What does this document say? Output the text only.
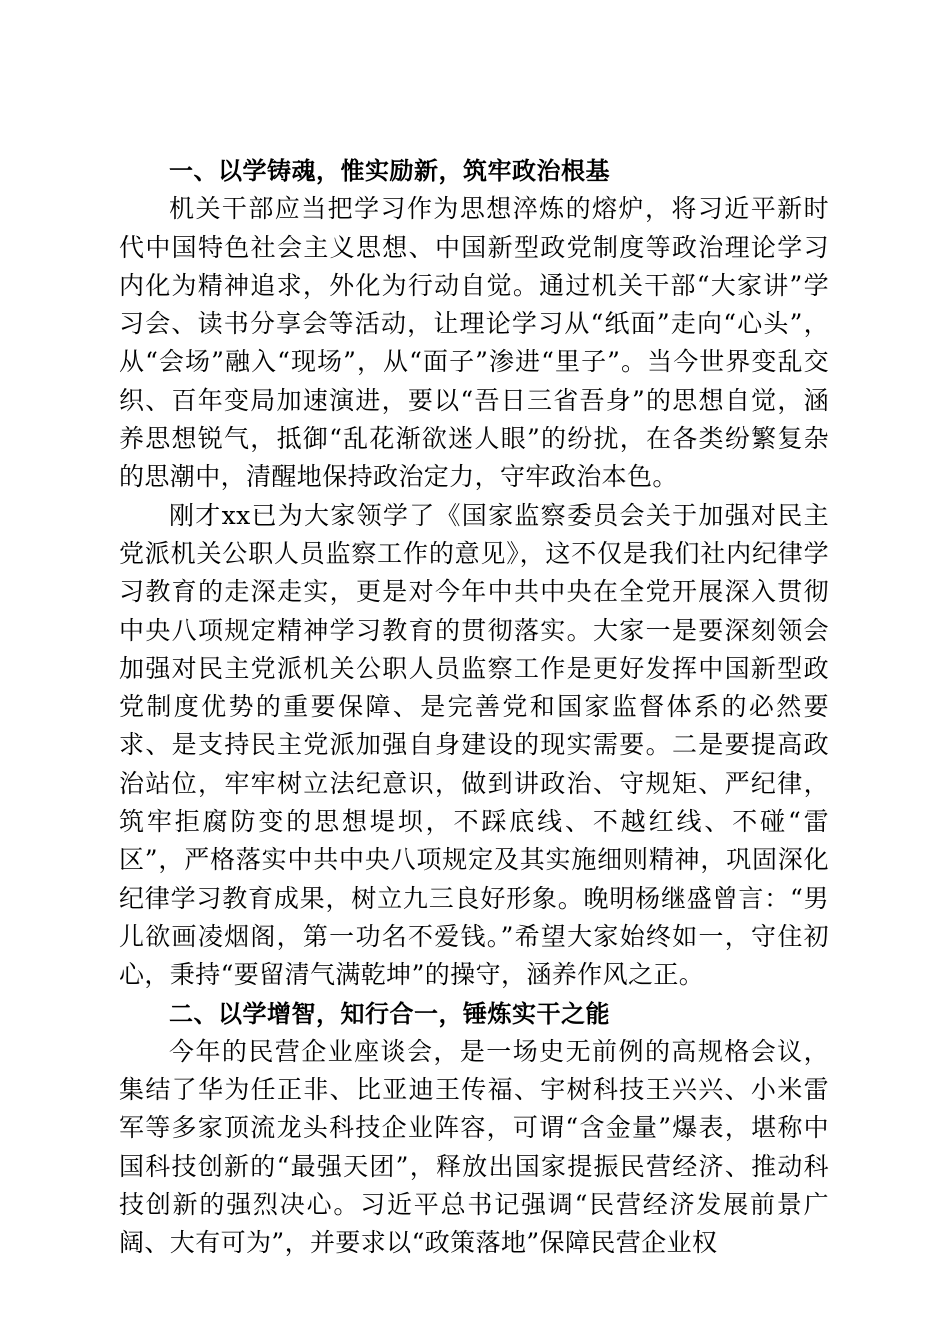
一、以学铸魂，惟实励新，筑牢政治根基

机关干部应当把学习作为思想淬炼的熔炉，将习近平新时代中国特色社会主义思想、中国新型政党制度等政治理论学习内化为精神追求，外化为行动自觉。通过机关干部“大家讲”学习会、读书分享会等活动，让理论学习从“纸面”走向“心头”，从“会场”融入“现场”，从“面子”渗进“里子”。当今世界变乱交织、百年变局加速演进，要以“吾日三省吾身”的思想自觉，涵养思想锐气，抵御“乱花渐欲迷人眼”的纷扰，在各类纷繁复杂的思潮中，清醒地保持政治定力，守牢政治本色。

刚才xx已为大家领学了《国家监察委员会关于加强对民主党派机关公职人员监察工作的意见》，这不仅是我们社内纪律学习教育的走深走实，更是对今年中共中央在全党开展深入贯彻中央八项规定精神学习教育的贯彻落实。大家一是要深刻领会加强对民主党派机关公职人员监察工作是更好发挥中国新型政党制度优势的重要保障、是完善党和国家监督体系的必然要求、是支持民主党派加强自身建设的现实需要。二是要提高政治站位，牢牢树立法纪意识，做到讲政治、守规矩、严纪律，筑牢拒腐防变的思想堤坝，不踩底线、不越红线、不碰“雷区”，严格落实中共中央八项规定及其实施细则精神，巩固深化纪律学习教育成果，树立九三良好形象。晚明杨继盛曾言：“男儿欲画凌烟阁，第一功名不爱钱。”希望大家始终如一，守住初心，秉持“要留清气满乾坤”的操守，涵养作风之正。

二、以学增智，知行合一，锤炼实干之能

今年的民营企业座谈会，是一场史无前例的高规格会议，集结了华为任正非、比亚迪王传福、宇树科技王兴兴、小米雷军等多家顶流龙头科技企业阵容，可谓“含金量”爆表，堪称中国科技创新的“最强天团”，释放出国家提振民营经济、推动科技创新的强烈决心。习近平总书记强调“民营经济发展前景广阔、大有可为”，并要求以“政策落地”保障民营企业权
